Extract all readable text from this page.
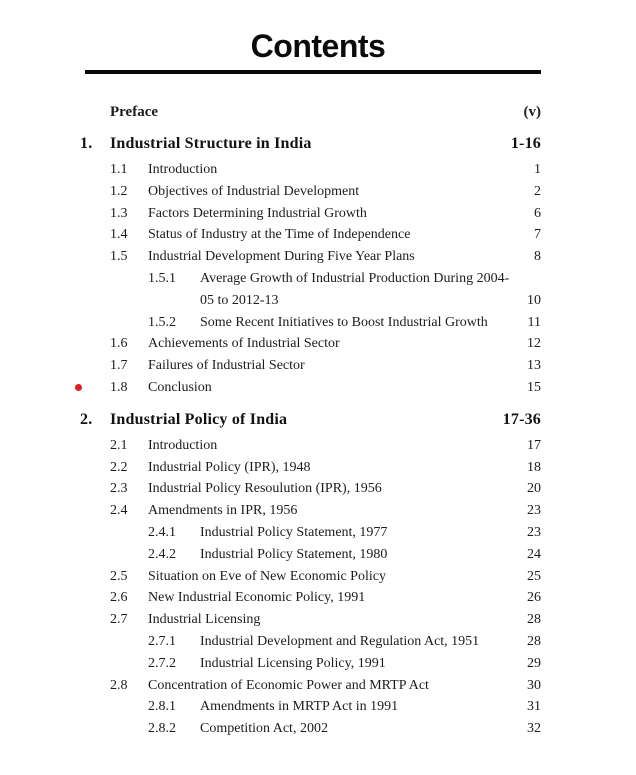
Contents
Preface	(v)
1.	Industrial Structure in India	1-16
1.1	Introduction	1
1.2	Objectives of Industrial Development	2
1.3	Factors Determining Industrial Growth	6
1.4	Status of Industry at the Time of Independence	7
1.5	Industrial Development During Five Year Plans	8
1.5.1	Average Growth of Industrial Production During 2004-05 to 2012-13	10
1.5.2	Some Recent Initiatives to Boost Industrial Growth	11
1.6	Achievements of Industrial Sector	12
1.7	Failures of Industrial Sector	13
1.8	Conclusion	15
2.	Industrial Policy of India	17-36
2.1	Introduction	17
2.2	Industrial Policy (IPR), 1948	18
2.3	Industrial Policy Resoulution (IPR), 1956	20
2.4	Amendments in IPR, 1956	23
2.4.1	Industrial Policy Statement, 1977	23
2.4.2	Industrial Policy Statement, 1980	24
2.5	Situation on Eve of New Economic Policy	25
2.6	New Industrial Economic Policy, 1991	26
2.7	Industrial Licensing	28
2.7.1	Industrial Development and Regulation Act, 1951	28
2.7.2	Industrial Licensing Policy, 1991	29
2.8	Concentration of Economic Power and MRTP Act	30
2.8.1	Amendments in MRTP Act in 1991	31
2.8.2	Competition Act, 2002	32
